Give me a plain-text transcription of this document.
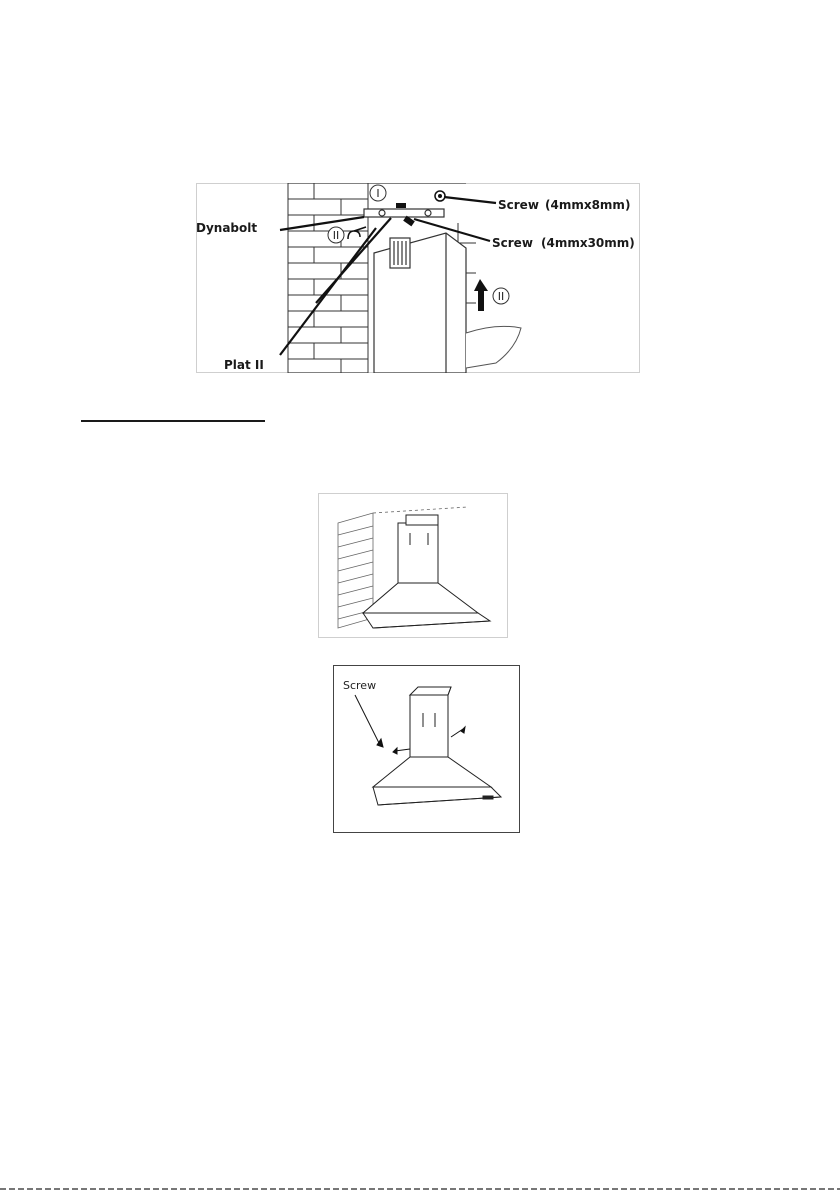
I
II
II
Dynabolt
Plat II
Screw (4mmx8mm)
Screw (4mmx30mm)
Screw
